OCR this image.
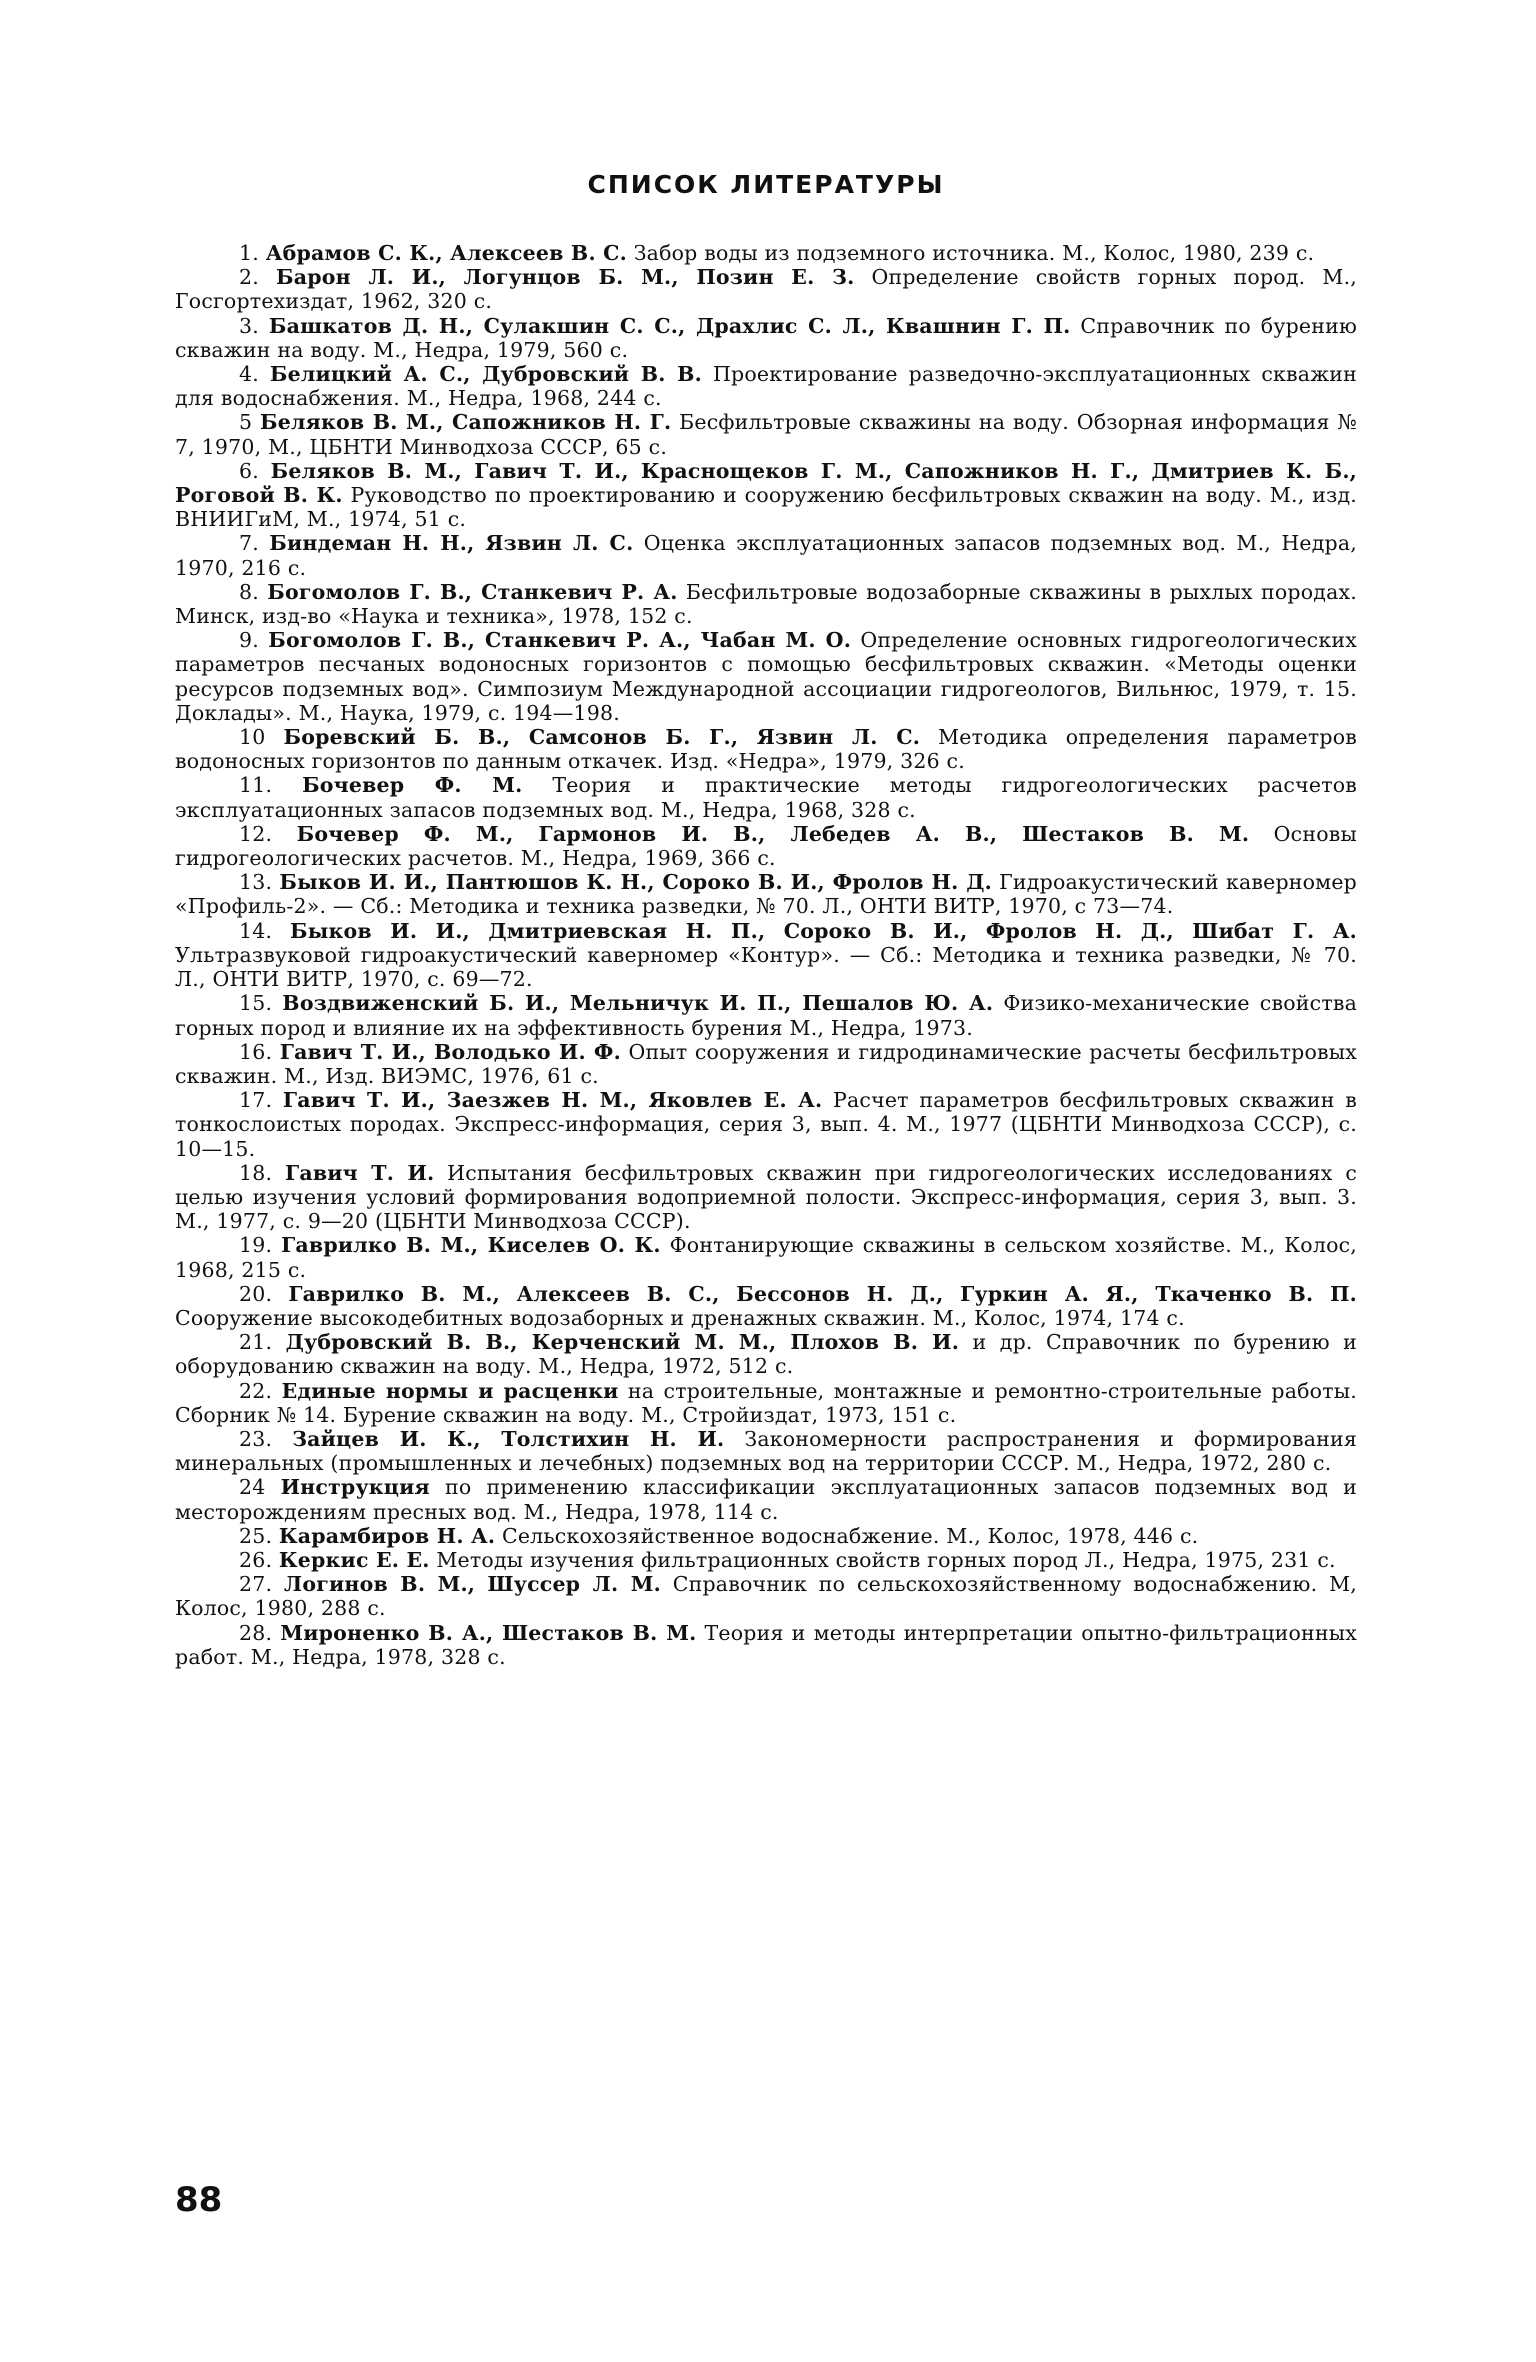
СПИСОК ЛИТЕРАТУРЫ
1. Абрамов С. К., Алексеев В. С. Забор воды из подземного источника. М., Колос, 1980, 239 с.
2. Барон Л. И., Логунцов Б. М., Позин Е. З. Определение свойств горных пород. М., Госгортехиздат, 1962, 320 с.
3. Башкатов Д. Н., Сулакшин С. С., Драхлис С. Л., Квашнин Г. П. Справочник по бурению скважин на воду. М., Недра, 1979, 560 с.
4. Белицкий А. С., Дубровский В. В. Проектирование разведочно-эксплуатационных скважин для водоснабжения. М., Недра, 1968, 244 с.
5 Беляков В. М., Сапожников Н. Г. Бесфильтровые скважины на воду. Обзорная информация № 7, 1970, М., ЦБНТИ Минводхоза СССР, 65 с.
6. Беляков В. М., Гавич Т. И., Краснощеков Г. М., Сапожников Н. Г., Дмитриев К. Б., Роговой В. К. Руководство по проектированию и сооружению бесфильтровых скважин на воду. М., изд. ВНИИГиМ, М., 1974, 51 с.
7. Биндеман Н. Н., Язвин Л. С. Оценка эксплуатационных запасов подземных вод. М., Недра, 1970, 216 с.
8. Богомолов Г. В., Станкевич Р. А. Бесфильтровые водозаборные скважины в рыхлых породах. Минск, изд-во «Наука и техника», 1978, 152 с.
9. Богомолов Г. В., Станкевич Р. А., Чабан М. О. Определение основных гидрогеологических параметров песчаных водоносных горизонтов с помощью бесфильтровых скважин. «Методы оценки ресурсов подземных вод». Симпозиум Международной ассоциации гидрогеологов, Вильнюс, 1979, т. 15. Доклады». М., Наука, 1979, с. 194—198.
10 Боревский Б. В., Самсонов Б. Г., Язвин Л. С. Методика определения параметров водоносных горизонтов по данным откачек. Изд. «Недра», 1979, 326 с.
11. Бочевер Ф. М. Теория и практические методы гидрогеологических расчетов эксплуатационных запасов подземных вод. М., Недра, 1968, 328 с.
12. Бочевер Ф. М., Гармонов И. В., Лебедев А. В., Шестаков В. М. Основы гидрогеологических расчетов. М., Недра, 1969, 366 с.
13. Быков И. И., Пантюшов К. Н., Сороко В. И., Фролов Н. Д. Гидроакустический каверномер «Профиль-2». — Сб.: Методика и техника разведки, № 70. Л., ОНТИ ВИТР, 1970, с 73—74.
14. Быков И. И., Дмитриевская Н. П., Сороко В. И., Фролов Н. Д., Шибат Г. А. Ультразвуковой гидроакустический каверномер «Контур». — Сб.: Методика и техника разведки, № 70. Л., ОНТИ ВИТР, 1970, с. 69—72.
15. Воздвиженский Б. И., Мельничук И. П., Пешалов Ю. А. Физико-механические свойства горных пород и влияние их на эффективность бурения М., Недра, 1973.
16. Гавич Т. И., Володько И. Ф. Опыт сооружения и гидродинамические расчеты бесфильтровых скважин. М., Изд. ВИЭМС, 1976, 61 с.
17. Гавич Т. И., Заезжев Н. М., Яковлев Е. А. Расчет параметров бесфильтровых скважин в тонкослоистых породах. Экспресс-информация, серия 3, вып. 4. М., 1977 (ЦБНТИ Минводхоза СССР), с. 10—15.
18. Гавич Т. И. Испытания бесфильтровых скважин при гидрогеологических исследованиях с целью изучения условий формирования водоприемной полости. Экспресс-информация, серия 3, вып. 3. М., 1977, с. 9—20 (ЦБНТИ Минводхоза СССР).
19. Гаврилко В. М., Киселев О. К. Фонтанирующие скважины в сельском хозяйстве. М., Колос, 1968, 215 с.
20. Гаврилко В. М., Алексеев В. С., Бессонов Н. Д., Гуркин А. Я., Ткаченко В. П. Сооружение высокодебитных водозаборных и дренажных скважин. М., Колос, 1974, 174 с.
21. Дубровский В. В., Керченский М. М., Плохов В. И. и др. Справочник по бурению и оборудованию скважин на воду. М., Недра, 1972, 512 с.
22. Единые нормы и расценки на строительные, монтажные и ремонтно-строительные работы. Сборник № 14. Бурение скважин на воду. М., Стройиздат, 1973, 151 с.
23. Зайцев И. К., Толстихин Н. И. Закономерности распространения и формирования минеральных (промышленных и лечебных) подземных вод на территории СССР. М., Недра, 1972, 280 с.
24 Инструкция по применению классификации эксплуатационных запасов подземных вод и месторождениям пресных вод. М., Недра, 1978, 114 с.
25. Карамбиров Н. А. Сельскохозяйственное водоснабжение. М., Колос, 1978, 446 с.
26. Керкис Е. Е. Методы изучения фильтрационных свойств горных пород Л., Недра, 1975, 231 с.
27. Логинов В. М., Шуссер Л. М. Справочник по сельскохозяйственному водоснабжению. М, Колос, 1980, 288 с.
28. Мироненко В. А., Шестаков В. М. Теория и методы интерпретации опытно-фильтрационных работ. М., Недра, 1978, 328 с.
88
